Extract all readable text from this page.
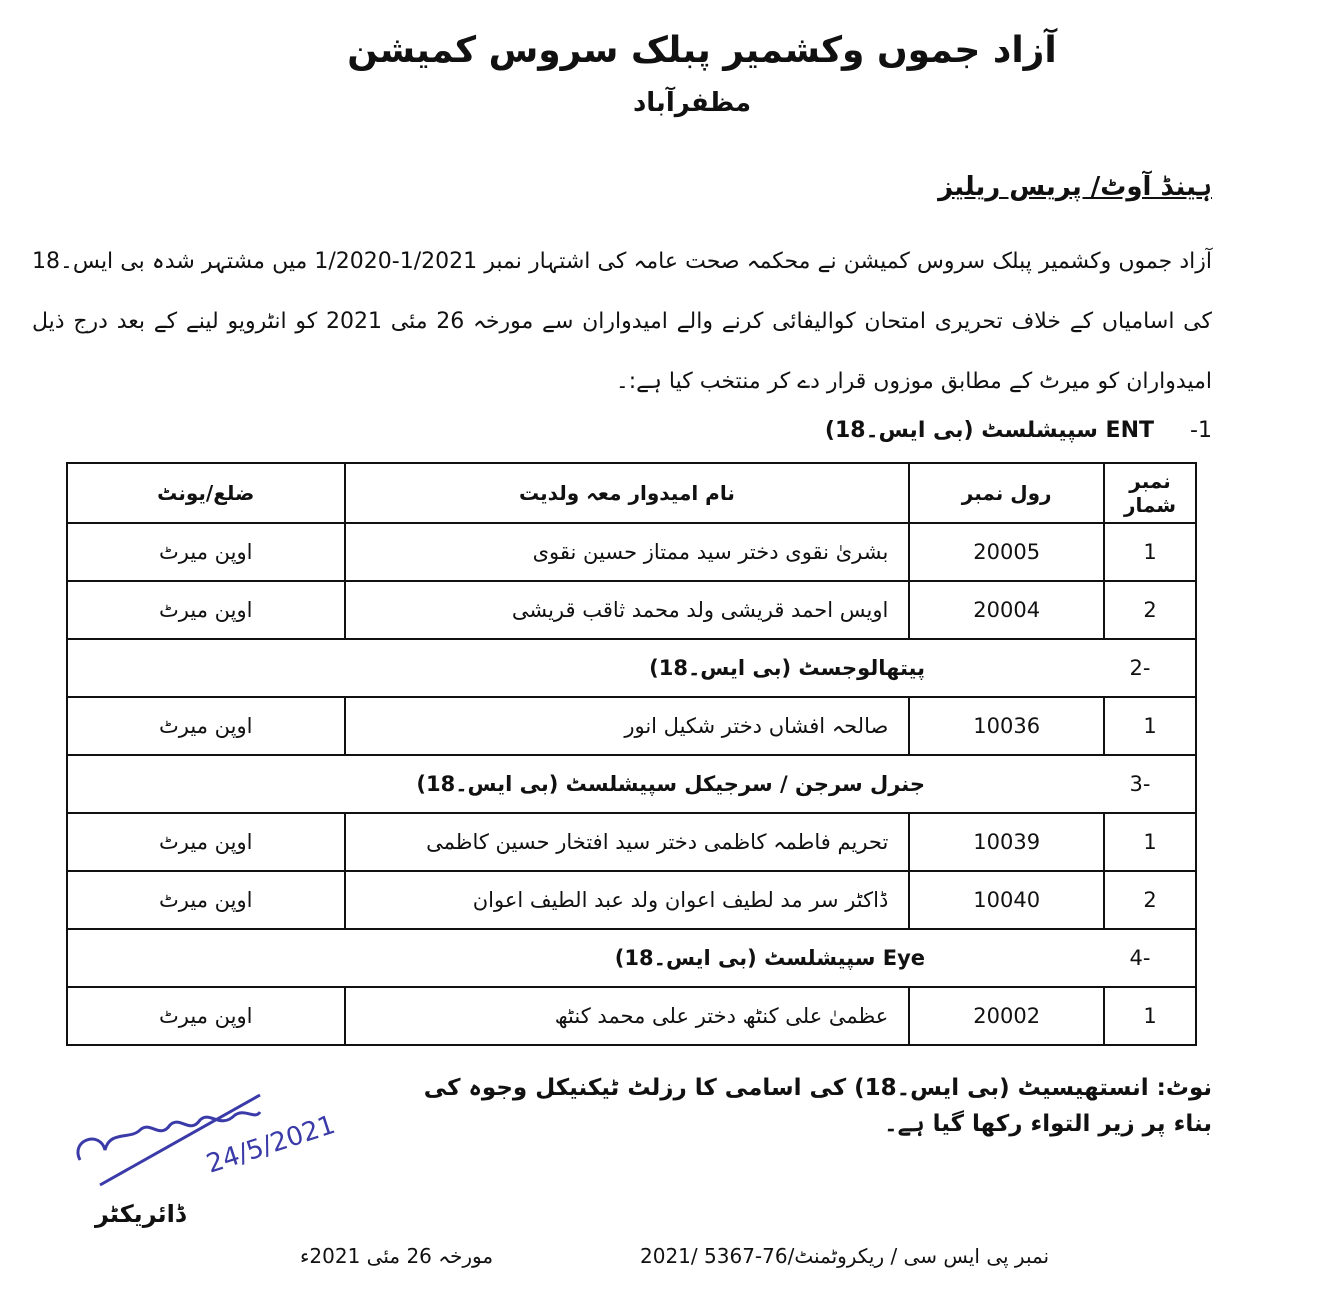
آزاد جموں وکشمیر پبلک سروس کمیشن
مظفرآباد
ہینڈ آوٹ/ پریس ریلیز
آزاد جموں وکشمیر پبلک سروس کمیشن نے محکمہ صحت عامہ کی اشتہار نمبر 1/2021-1/2020 میں مشتہر شدہ بی ایس۔18 کی اسامیاں کے خلاف تحریری امتحان کوالیفائی کرنے والے امیدواران سے مورخہ 26 مئی 2021 کو انٹرویو لینے کے بعد درج ذیل امیدواران کو میرٹ کے مطابق موزوں قرار دے کر منتخب کیا ہے:۔
ENT سپیشلسٹ (بی ایس۔18) -1
نمبر شمار	رول نمبر	نام امیدوار معہ ولدیت	ضلع/یونٹ
1	20005	بشریٰ نقوی دختر سید ممتاز حسین نقوی	اوپن میرٹ
2	20004	اویس احمد قریشی ولد محمد ثاقب قریشی	اوپن میرٹ
-2پیتھالوجسٹ (بی ایس۔18)			
1	10036	صالحہ افشاں دختر شکیل انور	اوپن میرٹ
-3جنرل سرجن / سرجیکل سپیشلسٹ (بی ایس۔18)			
1	10039	تحریم فاطمہ کاظمی دختر سید افتخار حسین کاظمی	اوپن میرٹ
2	10040	ڈاکٹر سر مد لطیف اعوان ولد عبد الطیف اعوان	اوپن میرٹ
-4Eye سپیشلسٹ (بی ایس۔18)			
1	20002	عظمیٰ علی کنٹھ دختر علی محمد کنٹھ	اوپن میرٹ
نوٹ: انستھیسیٹ (بی ایس۔18) کی اسامی کا رزلٹ ٹیکنیکل وجوہ کی بناء پر زیر التواء رکھا گیا ہے۔
24/5/2021
ڈائریکٹر
نمبر پی ایس سی / ریکروٹمنٹ/76-5367 /2021
مورخہ 26 مئی 2021ء
